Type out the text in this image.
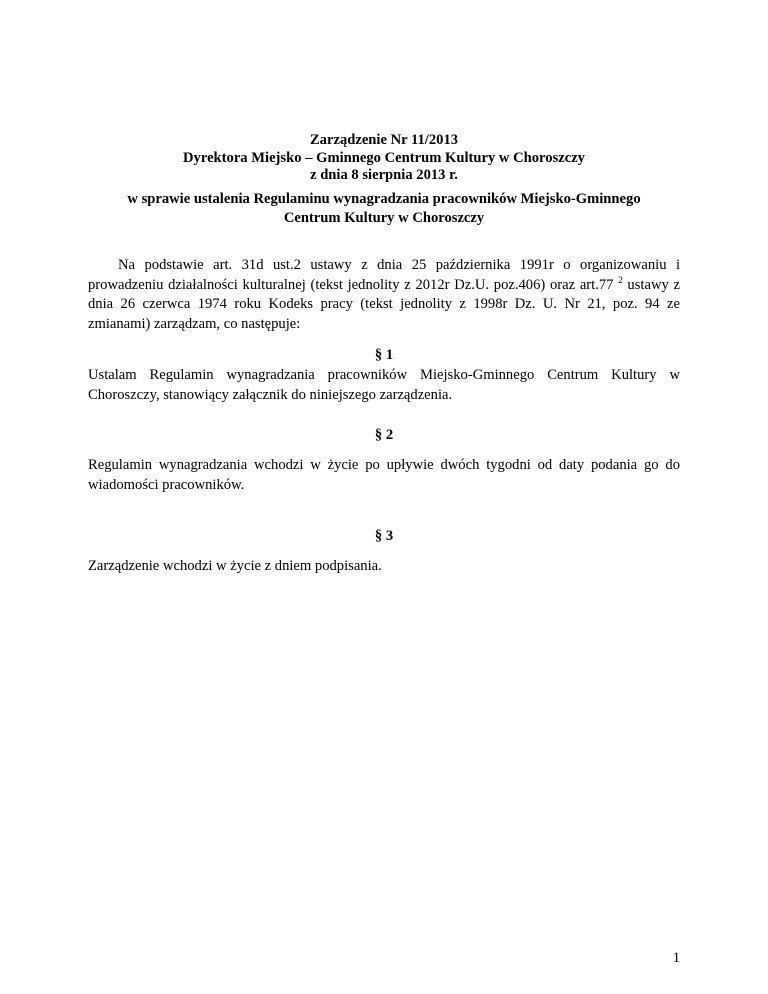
Zarządzenie Nr 11/2013
Dyrektora Miejsko – Gminnego Centrum Kultury w Choroszczy
z dnia 8 sierpnia 2013 r.
w sprawie ustalenia Regulaminu wynagradzania pracowników Miejsko-Gminnego
Centrum Kultury w Choroszczy
Na podstawie art. 31d ust.2 ustawy z dnia 25 października 1991r o organizowaniu i prowadzeniu działalności kulturalnej (tekst jednolity z 2012r Dz.U. poz.406) oraz art.77 $^2$ ustawy z dnia 26 czerwca 1974 roku Kodeks pracy (tekst jednolity z 1998r Dz. U. Nr 21, poz. 94 ze zmianami) zarządzam, co następuje:
§ 1
Ustalam Regulamin wynagradzania pracowników Miejsko-Gminnego Centrum Kultury w Choroszczy, stanowiący załącznik do niniejszego zarządzenia.
§ 2
Regulamin wynagradzania wchodzi w życie po upływie dwóch tygodni od daty podania go do wiadomości pracowników.
§ 3
Zarządzenie wchodzi w życie z dniem podpisania.
1
